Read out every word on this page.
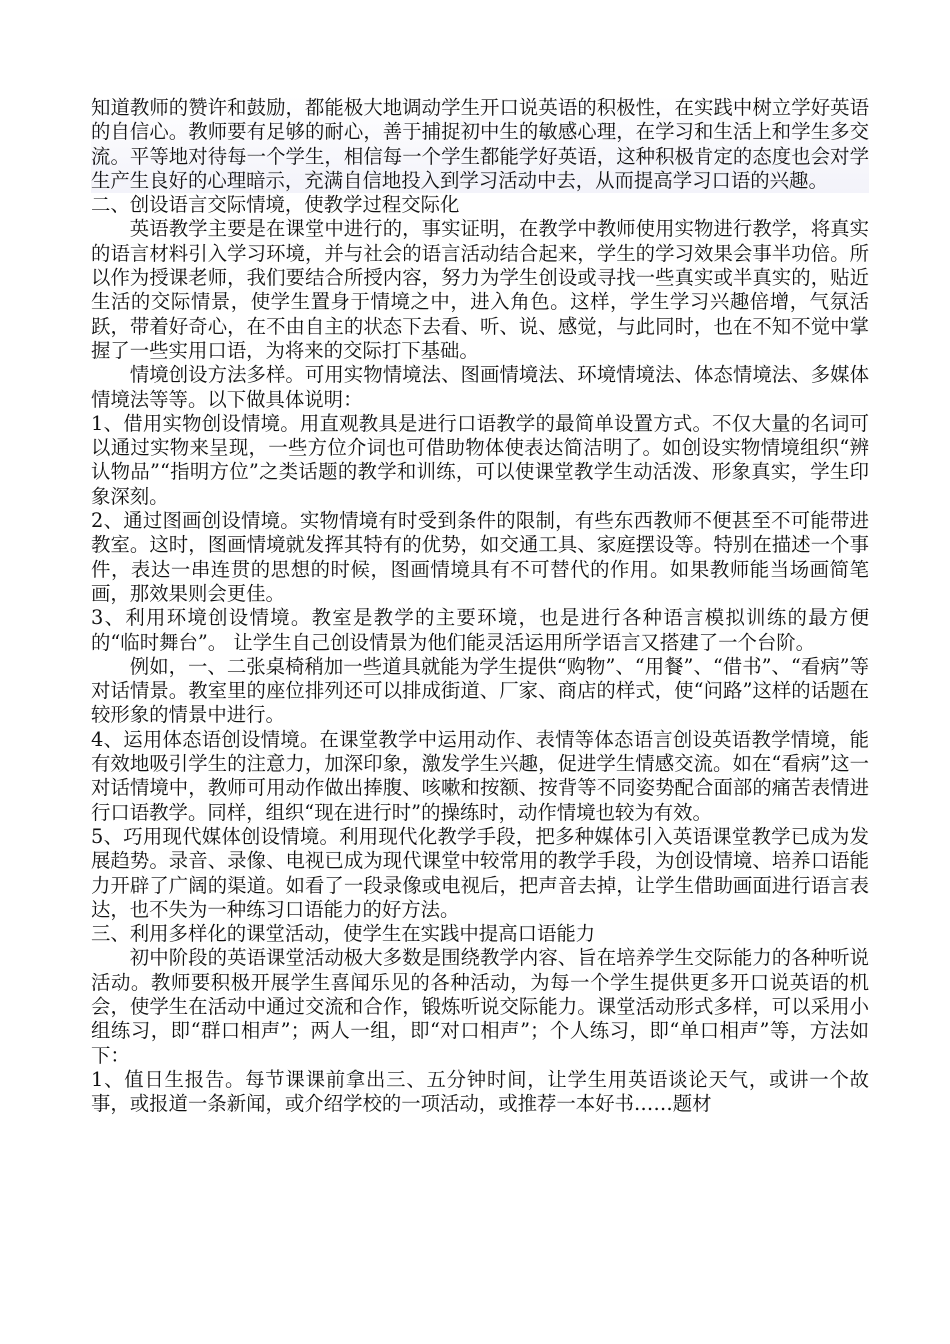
知道教师的赞许和鼓励，都能极大地调动学生开口说英语的积极性，在实践中树立学好英语的自信心。教师要有足够的耐心，善于捕捉初中生的敏感心理，在学习和生活上和学生多交流。平等地对待每一个学生，相信每一个学生都能学好英语，这种积极肯定的态度也会对学生产生良好的心理暗示，充满自信地投入到学习活动中去，从而提高学习口语的兴趣。

二、创设语言交际情境，使教学过程交际化

英语教学主要是在课堂中进行的，事实证明，在教学中教师使用实物进行教学，将真实的语言材料引入学习环境，并与社会的语言活动结合起来，学生的学习效果会事半功倍。所以作为授课老师，我们要结合所授内容，努力为学生创设或寻找一些真实或半真实的，贴近生活的交际情景，使学生置身于情境之中，进入角色。这样，学生学习兴趣倍增，气氛活跃，带着好奇心，在不由自主的状态下去看、听、说、感觉，与此同时，也在不知不觉中掌握了一些实用口语，为将来的交际打下基础。

情境创设方法多样。可用实物情境法、图画情境法、环境情境法、体态情境法、多媒体情境法等等。以下做具体说明：

1、借用实物创设情境。用直观教具是进行口语教学的最简单设置方式。不仅大量的名词可以通过实物来呈现，一些方位介词也可借助物体使表达简洁明了。如创设实物情境组织“辨认物品”“指明方位”之类话题的教学和训练，可以使课堂教学生动活泼、形象真实，学生印象深刻。

2、通过图画创设情境。实物情境有时受到条件的限制，有些东西教师不便甚至不可能带进教室。这时，图画情境就发挥其特有的优势，如交通工具、家庭摆设等。特别在描述一个事件，表达一串连贯的思想的时候，图画情境具有不可替代的作用。如果教师能当场画简笔画，那效果则会更佳。

3、利用环境创设情境。教室是教学的主要环境，也是进行各种语言模拟训练的最方便的“临时舞台”。 让学生自己创设情景为他们能灵活运用所学语言又搭建了一个台阶。

例如，一、二张桌椅稍加一些道具就能为学生提供“购物”、“用餐”、“借书”、“看病”等对话情景。教室里的座位排列还可以排成街道、厂家、商店的样式，使“问路”这样的话题在较形象的情景中进行。

4、运用体态语创设情境。在课堂教学中运用动作、表情等体态语言创设英语教学情境，能有效地吸引学生的注意力，加深印象，激发学生兴趣，促进学生情感交流。如在“看病”这一对话情境中，教师可用动作做出捧腹、咳嗽和按额、按背等不同姿势配合面部的痛苦表情进行口语教学。同样，组织“现在进行时”的操练时，动作情境也较为有效。

5、巧用现代媒体创设情境。利用现代化教学手段，把多种媒体引入英语课堂教学已成为发展趋势。录音、录像、电视已成为现代课堂中较常用的教学手段，为创设情境、培养口语能力开辟了广阔的渠道。如看了一段录像或电视后，把声音去掉，让学生借助画面进行语言表达，也不失为一种练习口语能力的好方法。

三、利用多样化的课堂活动，使学生在实践中提高口语能力

初中阶段的英语课堂活动极大多数是围绕教学内容、旨在培养学生交际能力的各种听说活动。教师要积极开展学生喜闻乐见的各种活动，为每一个学生提供更多开口说英语的机会，使学生在活动中通过交流和合作，锻炼听说交际能力。课堂活动形式多样，可以采用小组练习，即“群口相声”；两人一组，即“对口相声”；个人练习，即“单口相声”等，方法如下：

1、值日生报告。每节课课前拿出三、五分钟时间，让学生用英语谈论天气，或讲一个故事，或报道一条新闻，或介绍学校的一项活动，或推荐一本好书……题材
